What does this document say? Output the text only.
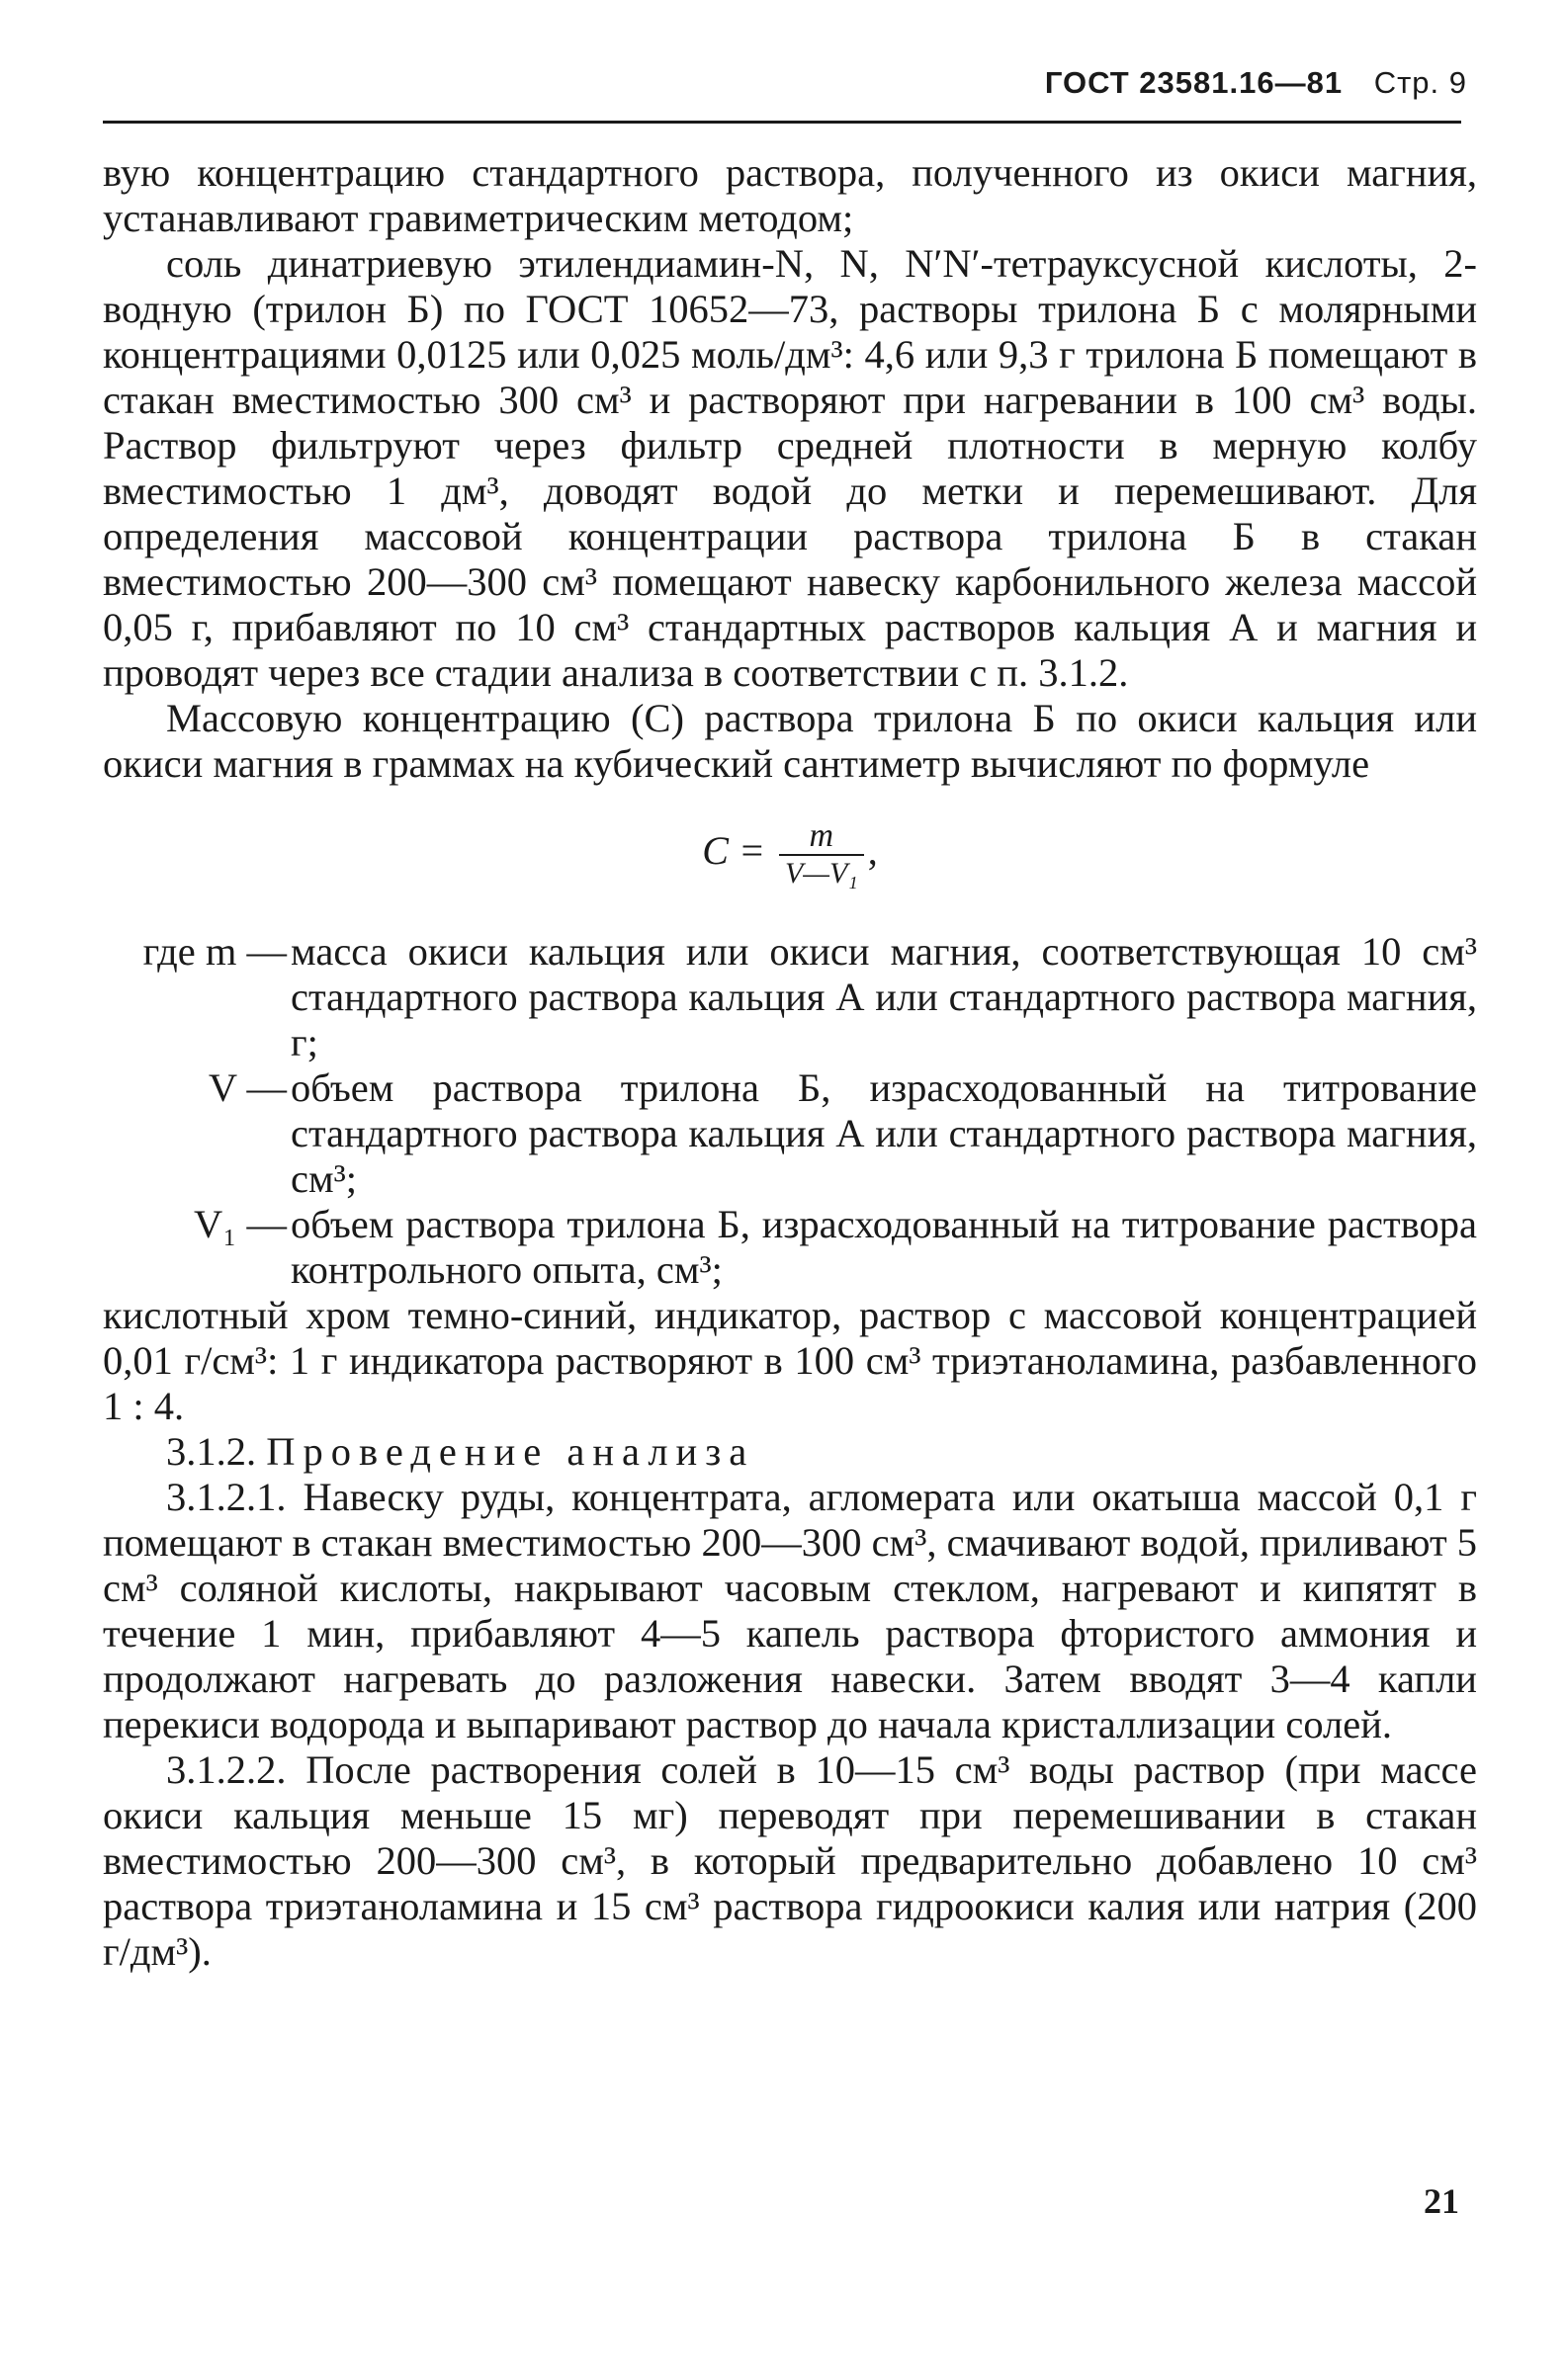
ГОСТ 23581.16—81 Стр. 9

вую концентрацию стандартного раствора, полученного из окиси магния, устанавливают гравиметрическим методом;

соль динатриевую этилендиамин-N, N, N′N′-тетрауксусной кислоты, 2-водную (трилон Б) по ГОСТ 10652—73, растворы трилона Б с молярными концентрациями 0,0125 или 0,025 моль/дм³: 4,6 или 9,3 г трилона Б помещают в стакан вместимостью 300 см³ и растворяют при нагревании в 100 см³ воды. Раствор фильтруют через фильтр средней плотности в мерную колбу вместимостью 1 дм³, доводят водой до метки и перемешивают. Для определения массовой концентрации раствора трилона Б в стакан вместимостью 200—300 см³ помещают навеску карбонильного железа массой 0,05 г, прибавляют по 10 см³ стандартных растворов кальция А и магния и проводят через все стадии анализа в соответствии с п. 3.1.2.

Массовую концентрацию (C) раствора трилона Б по окиси кальция или окиси магния в граммах на кубический сантиметр вычисляют по формуле

$C = \frac{m}{\text{V—V₁}}$ ,
где m — масса окиси кальция или окиси магния, соответствующая 10 см³ стандартного раствора кальция А или стандартного раствора магния, г;
V — объем раствора трилона Б, израсходованный на титрование стандартного раствора кальция А или стандартного раствора магния, см³;
V₁ — объем раствора трилона Б, израсходованный на титрование раствора контрольного опыта, см³;

кислотный хром темно-синий, индикатор, раствор с массовой концентрацией 0,01 г/см³: 1 г индикатора растворяют в 100 см³ триэтаноламина, разбавленного 1 : 4.

3.1.2. Проведение анализа

3.1.2.1. Навеску руды, концентрата, агломерата или окатыша массой 0,1 г помещают в стакан вместимостью 200—300 см³, смачивают водой, приливают 5 см³ соляной кислоты, накрывают часовым стеклом, нагревают и кипятят в течение 1 мин, прибавляют 4—5 капель раствора фтористого аммония и продолжают нагревать до разложения навески. Затем вводят 3—4 капли перекиси водорода и выпаривают раствор до начала кристаллизации солей.

3.1.2.2. После растворения солей в 10—15 см³ воды раствор (при массе окиси кальция меньше 15 мг) переводят при перемешивании в стакан вместимостью 200—300 см³, в который предварительно добавлено 10 см³ раствора триэтаноламина и 15 см³ раствора гидроокиси калия или натрия (200 г/дм³).

21
